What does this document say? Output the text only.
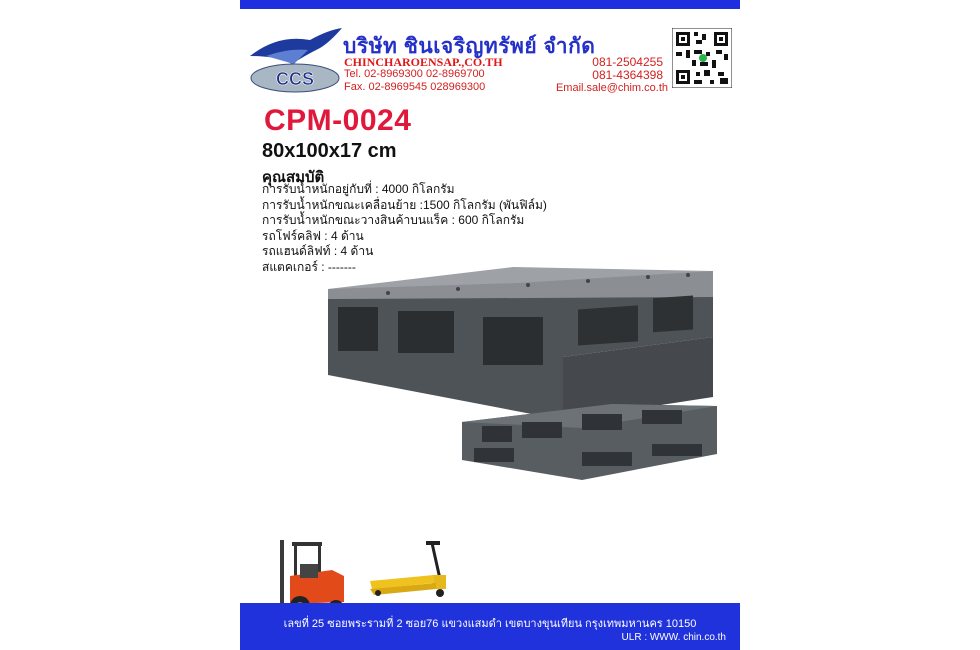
CCS
บริษัท ชินเจริญทรัพย์ จำกัด
CHINCHAROENSAP.,CO.TH
Tel. 02-8969300 02-8969700
Fax. 02-8969545 028969300
081-2504255
081-4364398
Email.sale@chim.co.th
CPM-0024
80x100x17 cm
คุณสมบัติ
การรับน้ำหนักอยู่กับที่ : 4000 กิโลกรัม
การรับน้ำหนักขณะเคลื่อนย้าย :1500 กิโลกรัม (พันฟิล์ม)
การรับน้ำหนักขณะวางสินค้าบนแร็ค : 600 กิโลกรัม
รถโฟร์คลิฟ : 4 ด้าน
รถแฮนด์ลิฟท์ : 4 ด้าน
สแตคเกอร์ : -------
เลขที่ 25 ซอยพระรามที่ 2 ซอย76 แขวงแสมดำ เขตบางขุนเทียน กรุงเทพมหานคร 10150
ULR : WWW. chin.co.th
